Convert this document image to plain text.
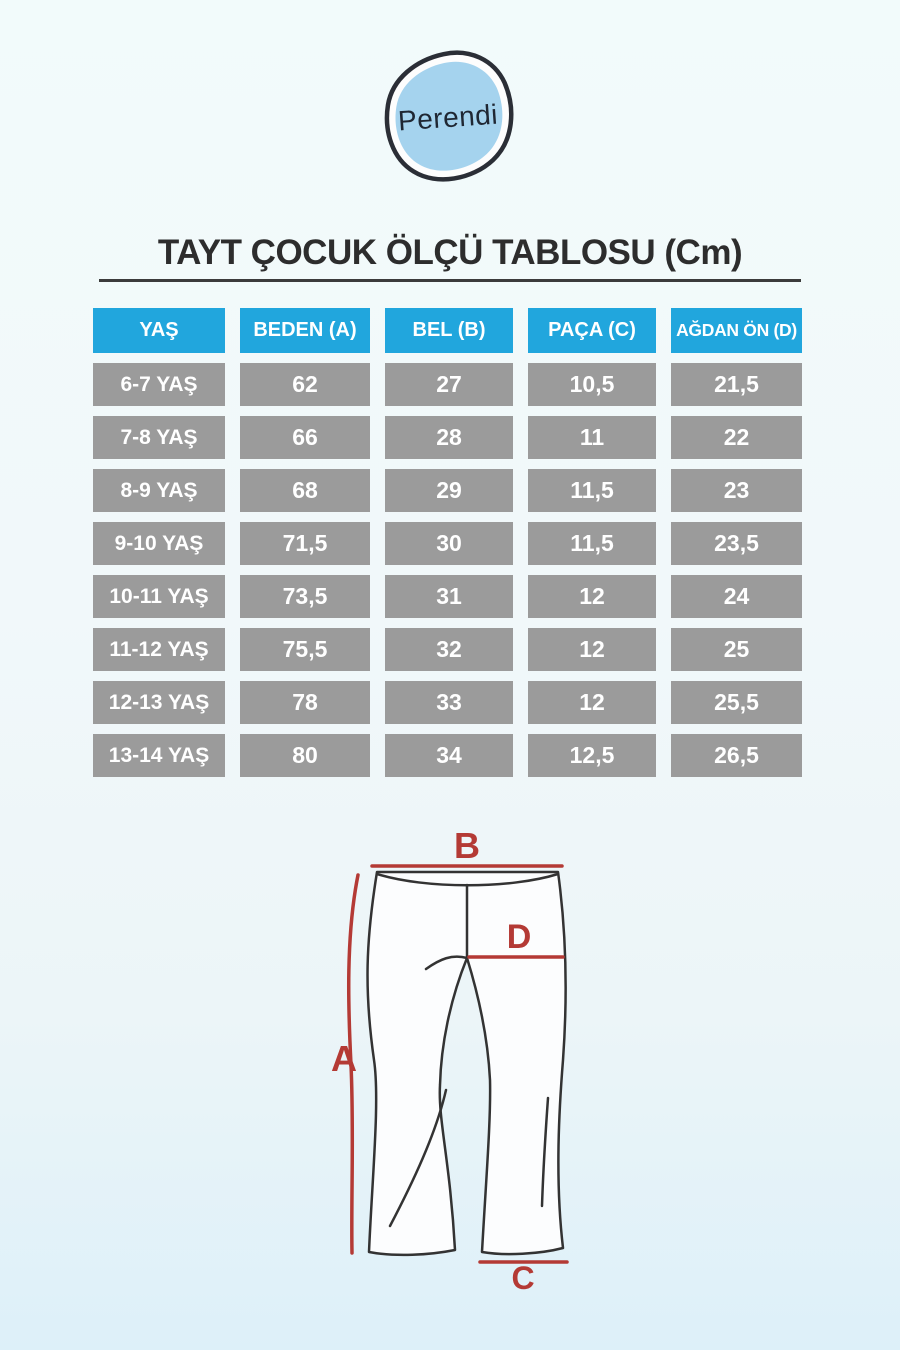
Perendi
TAYT ÇOCUK ÖLÇÜ TABLOSU (Cm)
YAŞ	BEDEN (A)	BEL (B)	PAÇA (C)	AĞDAN ÖN (D)
6-7 YAŞ	62	27	10,5	21,5
7-8 YAŞ	66	28	11	22
8-9 YAŞ	68	29	11,5	23
9-10 YAŞ	71,5	30	11,5	23,5
10-11 YAŞ	73,5	31	12	24
11-12 YAŞ	75,5	32	12	25
12-13 YAŞ	78	33	12	25,5
13-14 YAŞ	80	34	12,5	26,5
B
D
A
C
